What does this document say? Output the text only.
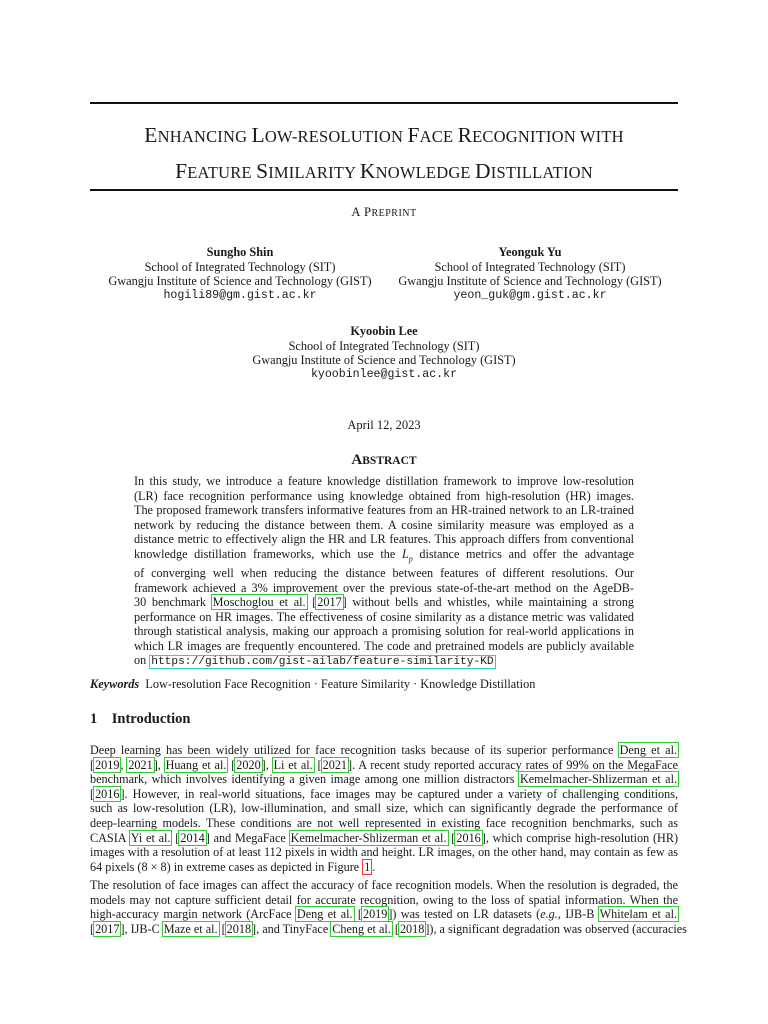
ENHANCING LOW-RESOLUTION FACE RECOGNITION WITH
FEATURE SIMILARITY KNOWLEDGE DISTILLATION
A PREPRINT
Sungho Shin
School of Integrated Technology (SIT)
Gwangju Institute of Science and Technology (GIST)
hogili89@gm.gist.ac.kr
Yeonguk Yu
School of Integrated Technology (SIT)
Gwangju Institute of Science and Technology (GIST)
yeon_guk@gm.gist.ac.kr
Kyoobin Lee
School of Integrated Technology (SIT)
Gwangju Institute of Science and Technology (GIST)
kyoobinlee@gist.ac.kr
April 12, 2023
ABSTRACT
In this study, we introduce a feature knowledge distillation framework to improve low-resolution
(LR) face recognition performance using knowledge obtained from high-resolution (HR) images.
The proposed framework transfers informative features from an HR-trained network to an LR-trained
network by reducing the distance between them. A cosine similarity measure was employed as a
distance metric to effectively align the HR and LR features. This approach differs from conventional
knowledge distillation frameworks, which use the $L_p$ distance metrics and offer the advantage
of converging well when reducing the distance between features of different resolutions. Our
framework achieved a 3% improvement over the previous state-of-the-art method on the AgeDB-
30 benchmark Moschoglou et al. [2017] without bells and whistles, while maintaining a strong
performance on HR images. The effectiveness of cosine similarity as a distance metric was validated
through statistical analysis, making our approach a promising solution for real-world applications in
which LR images are frequently encountered. The code and pretrained models are publicly available
on https://github.com/gist-ailab/feature-similarity-KD
Keywords Low-resolution Face Recognition · Feature Similarity · Knowledge Distillation
1 Introduction
Deep learning has been widely utilized for face recognition tasks because of its superior performance Deng et al.
[2019, 2021], Huang et al. [2020], Li et al. [2021]. A recent study reported accuracy rates of 99% on the MegaFace
benchmark, which involves identifying a given image among one million distractors Kemelmacher-Shlizerman et al.
[2016]. However, in real-world situations, face images may be captured under a variety of challenging conditions,
such as low-resolution (LR), low-illumination, and small size, which can significantly degrade the performance of
deep-learning models. These conditions are not well represented in existing face recognition benchmarks, such as
CASIA Yi et al. [2014] and MegaFace Kemelmacher-Shlizerman et al. [2016], which comprise high-resolution (HR)
images with a resolution of at least 112 pixels in width and height. LR images, on the other hand, may contain as few as
64 pixels (8 × 8) in extreme cases as depicted in Figure 1 .
The resolution of face images can affect the accuracy of face recognition models. When the resolution is degraded, the
models may not capture sufficient detail for accurate recognition, owing to the loss of spatial information. When the
high-accuracy margin network (ArcFace Deng et al. [2019]) was tested on LR datasets (e.g., IJB-B Whitelam et al.
[2017], IJB-C Maze et al. [2018], and TinyFace Cheng et al. [2018]), a significant degradation was observed (accuracies
